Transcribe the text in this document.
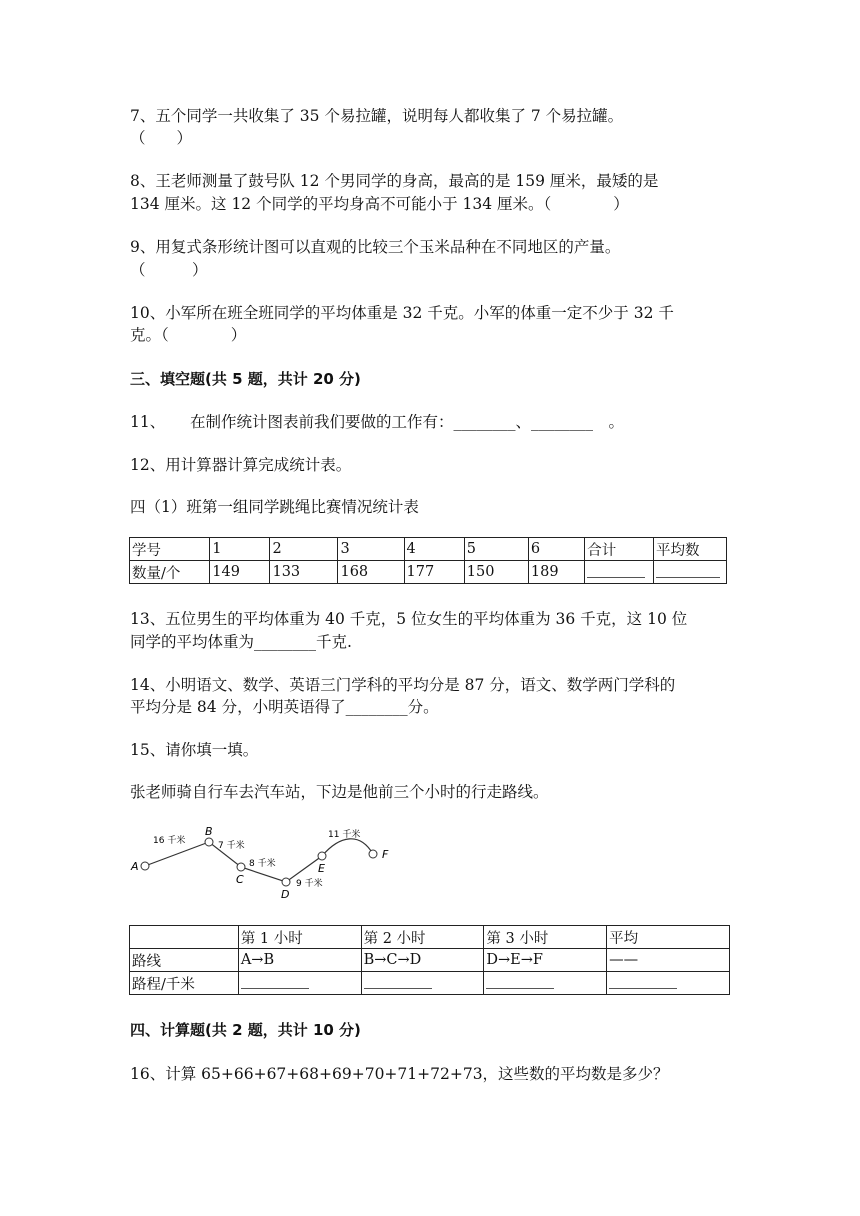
7、五个同学一共收集了 35 个易拉罐，说明每人都收集了 7 个易拉罐。
（　　）
8、王老师测量了鼓号队 12 个男同学的身高，最高的是 159 厘米，最矮的是
134 厘米。这 12 个同学的平均身高不可能小于 134 厘米。（　　　　）
9、用复式条形统计图可以直观的比较三个玉米品种在不同地区的产量。
（　　　）
10、小军所在班全班同学的平均体重是 32 千克。小军的体重一定不少于 32 千
克。（　　　　）
三、填空题(共 5 题，共计 20 分)
11、 在制作统计图表前我们要做的工作有：________、________　。
12、用计算器计算完成统计表。
四（1）班第一组同学跳绳比赛情况统计表
学号	1	2	3	4	5	6	合计	平均数
数量/个	149	133	168	177	150	189		
13、五位男生的平均体重为 40 千克，5 位女生的平均体重为 36 千克，这 10 位
同学的平均体重为________千克.
14、小明语文、数学、英语三门学科的平均分是 87 分，语文、数学两门学科的
平均分是 84 分，小明英语得了________分。
15、请你填一填。
张老师骑自行车去汽车站，下边是他前三个小时的行走路线。
A
B
C
D
E
F
16 千米	7 千米
8 千米
9 千米
11 千米
	第 1 小时	第 2 小时	第 3 小时	平均
路线	A→B	B→C→D	D→E→F	——
路程/千米				
四、计算题(共 2 题，共计 10 分)
16、计算 65+66+67+68+69+70+71+72+73，这些数的平均数是多少？
